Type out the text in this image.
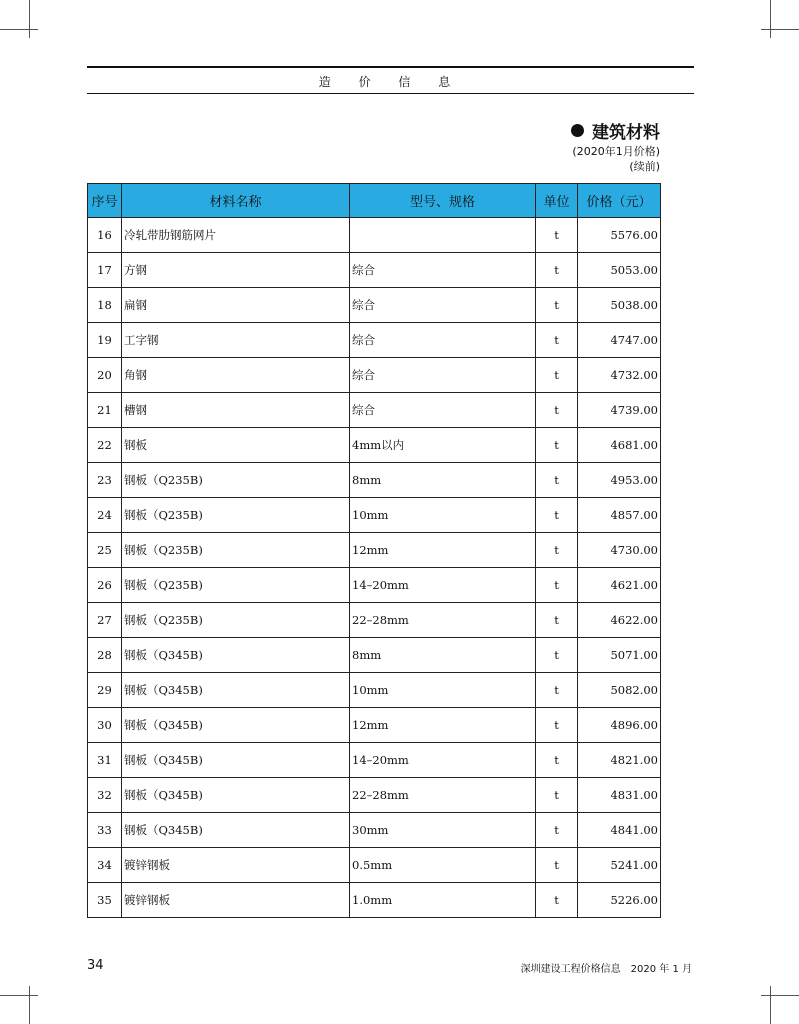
造 价 信 息
建筑材料
(2020年1月价格)
(续前)
序号	材料名称	型号、规格	单位	价格（元）
16	冷轧带肋钢筋网片		t	5576.00
17	方钢	综合	t	5053.00
18	扁钢	综合	t	5038.00
19	工字钢	综合	t	4747.00
20	角钢	综合	t	4732.00
21	槽钢	综合	t	4739.00
22	钢板	4mm以内	t	4681.00
23	钢板（Q235B)	8mm	t	4953.00
24	钢板（Q235B)	10mm	t	4857.00
25	钢板（Q235B)	12mm	t	4730.00
26	钢板（Q235B)	14–20mm	t	4621.00
27	钢板（Q235B)	22–28mm	t	4622.00
28	钢板（Q345B)	8mm	t	5071.00
29	钢板（Q345B)	10mm	t	5082.00
30	钢板（Q345B)	12mm	t	4896.00
31	钢板（Q345B)	14–20mm	t	4821.00
32	钢板（Q345B)	22–28mm	t	4831.00
33	钢板（Q345B)	30mm	t	4841.00
34	镀锌钢板	0.5mm	t	5241.00
35	镀锌钢板	1.0mm	t	5226.00
34	深圳建设工程价格信息　2020 年 1 月
